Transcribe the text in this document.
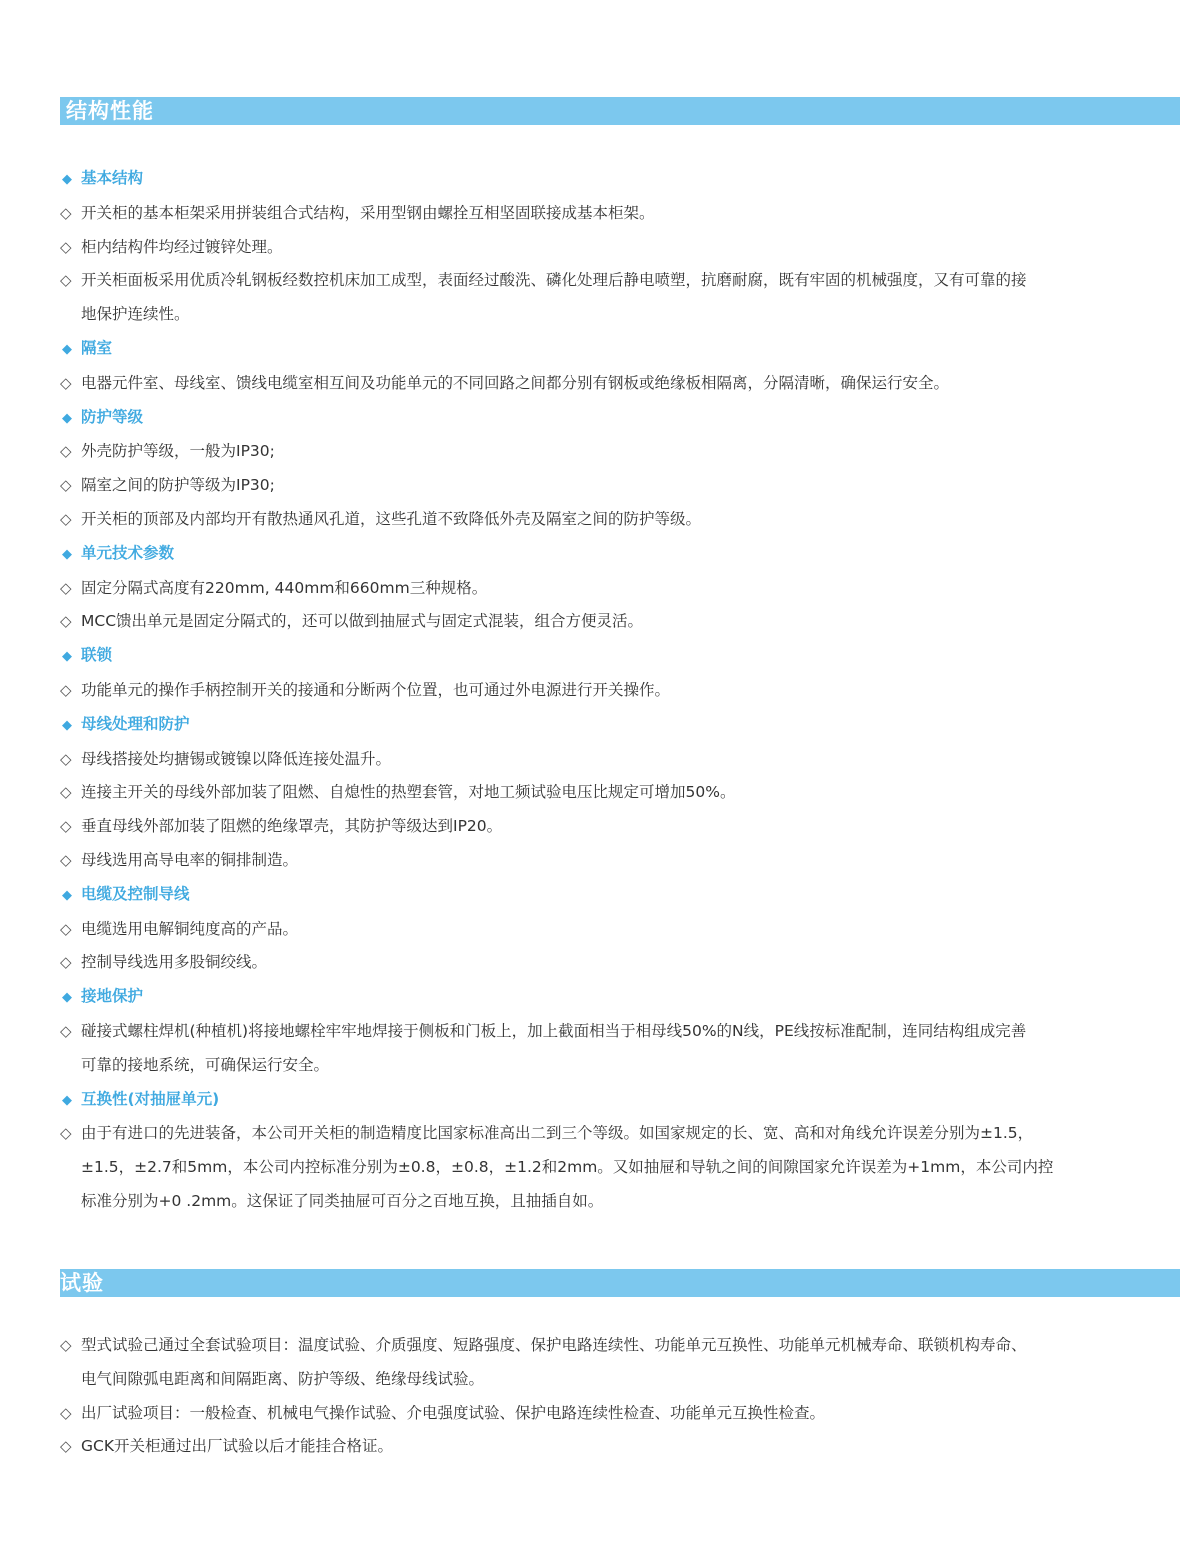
结构性能
◆ 基本结构
◇ 开关柜的基本柜架采用拼装组合式结构，采用型钢由螺拴互相坚固联接成基本柜架。
◇ 柜内结构件均经过镀锌处理。
◇ 开关柜面板采用优质冷轧钢板经数控机床加工成型，表面经过酸洗、磷化处理后静电喷塑，抗磨耐腐，既有牢固的机械强度，又有可靠的接
地保护连续性。
◆ 隔室
◇ 电器元件室、母线室、馈线电缆室相互间及功能单元的不同回路之间都分别有钢板或绝缘板相隔离，分隔清晰，确保运行安全。
◆ 防护等级
◇ 外壳防护等级，一般为IP30;
◇ 隔室之间的防护等级为IP30;
◇ 开关柜的顶部及内部均开有散热通风孔道，这些孔道不致降低外壳及隔室之间的防护等级。
◆ 单元技术参数
◇ 固定分隔式高度有220mm, 440mm和660mm三种规格。
◇ MCC馈出单元是固定分隔式的，还可以做到抽屉式与固定式混装，组合方便灵活。
◆ 联锁
◇ 功能单元的操作手柄控制开关的接通和分断两个位置，也可通过外电源进行开关操作。
◆ 母线处理和防护
◇ 母线搭接处均搪锡或镀镍以降低连接处温升。
◇ 连接主开关的母线外部加装了阻燃、自熄性的热塑套管，对地工频试验电压比规定可增加50%。
◇ 垂直母线外部加装了阻燃的绝缘罩壳，其防护等级达到IP20。
◇ 母线选用高导电率的铜排制造。
◆ 电缆及控制导线
◇ 电缆选用电解铜纯度高的产品。
◇ 控制导线选用多股铜绞线。
◆ 接地保护
◇ 碰接式螺柱焊机(种植机)将接地螺栓牢牢地焊接于侧板和门板上，加上截面相当于相母线50%的N线，PE线按标准配制，连同结构组成完善
可靠的接地系统，可确保运行安全。
◆ 互换性(对抽屉单元)
◇ 由于有进口的先进装备，本公司开关柜的制造精度比国家标准高出二到三个等级。如国家规定的长、宽、高和对角线允许误差分别为±1.5，
±1.5，±2.7和5mm，本公司内控标准分别为±0.8，±0.8，±1.2和2mm。又如抽屉和导轨之间的间隙国家允许误差为+1mm，本公司内控
标准分别为+0 .2mm。这保证了同类抽屉可百分之百地互换，且抽插自如。
试验
◇ 型式试验己通过全套试验项目：温度试验、介质强度、短路强度、保护电路连续性、功能单元互换性、功能单元机械寿命、联锁机构寿命、
电气间隙弧电距离和间隔距离、防护等级、绝缘母线试验。
◇ 出厂试验项目：一般检查、机械电气操作试验、介电强度试验、保护电路连续性检查、功能单元互换性检查。
◇ GCK开关柜通过出厂试验以后才能挂合格证。
